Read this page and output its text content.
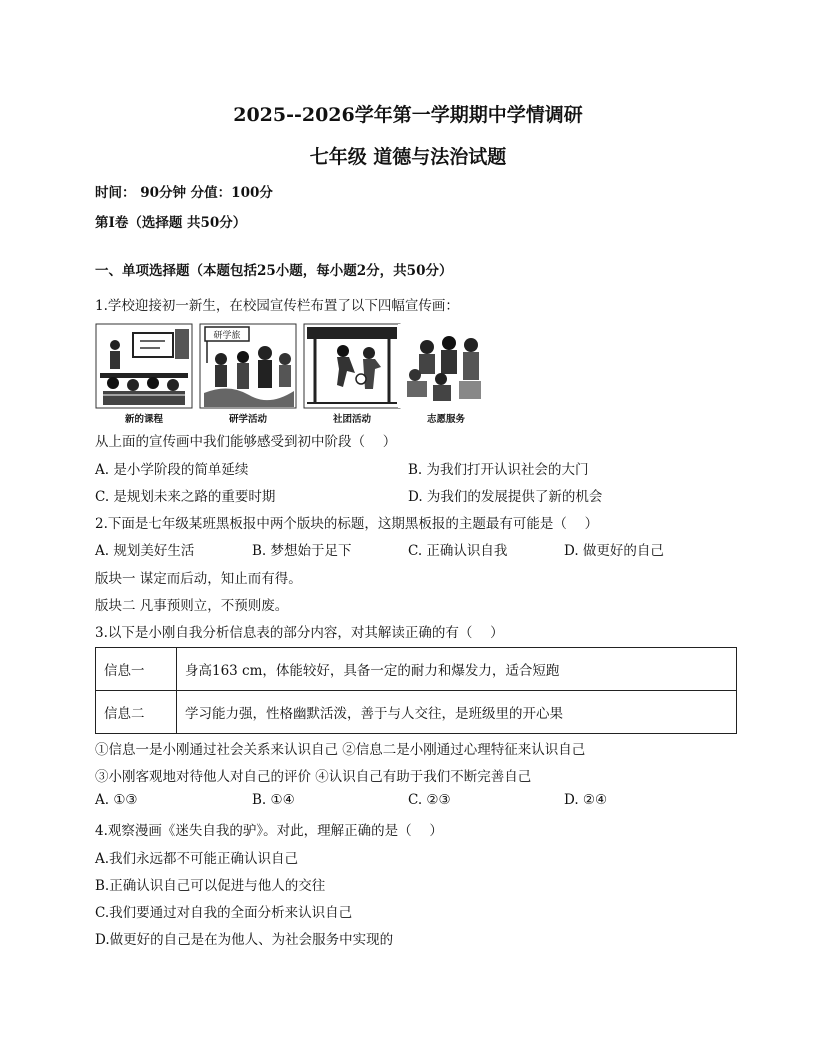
2025--2026学年第一学期期中学情调研
七年级 道德与法治试题
时间： 90分钟 分值：100分
第Ⅰ卷（选择题 共50分）
一、单项选择题（本题包括25小题，每小题2分，共50分）
1.学校迎接初一新生，在校园宣传栏布置了以下四幅宣传画：
新的课程
研学旅
研学活动	社团活动	志愿服务
从上面的宣传画中我们能够感受到初中阶段（　 ）
A. 是小学阶段的简单延续	B. 为我们打开认识社会的大门
C. 是规划未来之路的重要时期	D. 为我们的发展提供了新的机会
2.下面是七年级某班黑板报中两个版块的标题，这期黑板报的主题最有可能是（　 ）
A. 规划美好生活	B. 梦想始于足下	C. 正确认识自我	D. 做更好的自己
版块一 谋定而后动，知止而有得。
版块二 凡事预则立，不预则废。
3.以下是小刚自我分析信息表的部分内容，对其解读正确的有（　 ）
信息一	身高163 cm，体能较好，具备一定的耐力和爆发力，适合短跑
信息二	学习能力强，性格幽默活泼，善于与人交往，是班级里的开心果
①信息一是小刚通过社会关系来认识自己 ②信息二是小刚通过心理特征来认识自己
③小刚客观地对待他人对自己的评价 ④认识自己有助于我们不断完善自己
A. ①③	B. ①④	C. ②③	D. ②④
4.观察漫画《迷失自我的驴》。对此，理解正确的是（　 ）
A.我们永远都不可能正确认识自己
B.正确认识自己可以促进与他人的交往
C.我们要通过对自我的全面分析来认识自己
D.做更好的自己是在为他人、为社会服务中实现的
